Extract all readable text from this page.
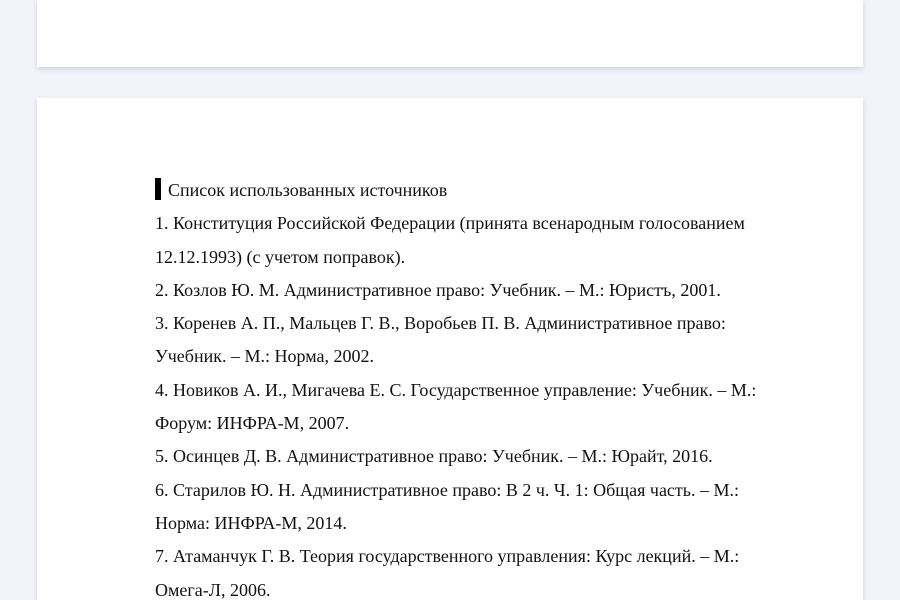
Список использованных источников
1. Конституция Российской Федерации (принята всенародным голосованием
12.12.1993) (с учетом поправок).
2. Козлов Ю. М. Административное право: Учебник. – М.: Юристъ, 2001.
3. Коренев А. П., Мальцев Г. В., Воробьев П. В. Административное право:
Учебник. – М.: Норма, 2002.
4. Новиков А. И., Мигачева Е. С. Государственное управление: Учебник. – М.:
Форум: ИНФРА-М, 2007.
5. Осинцев Д. В. Административное право: Учебник. – М.: Юрайт, 2016.
6. Старилов Ю. Н. Административное право: В 2 ч. Ч. 1: Общая часть. – М.:
Норма: ИНФРА-М, 2014.
7. Атаманчук Г. В. Теория государственного управления: Курс лекций. – М.:
Омега-Л, 2006.
